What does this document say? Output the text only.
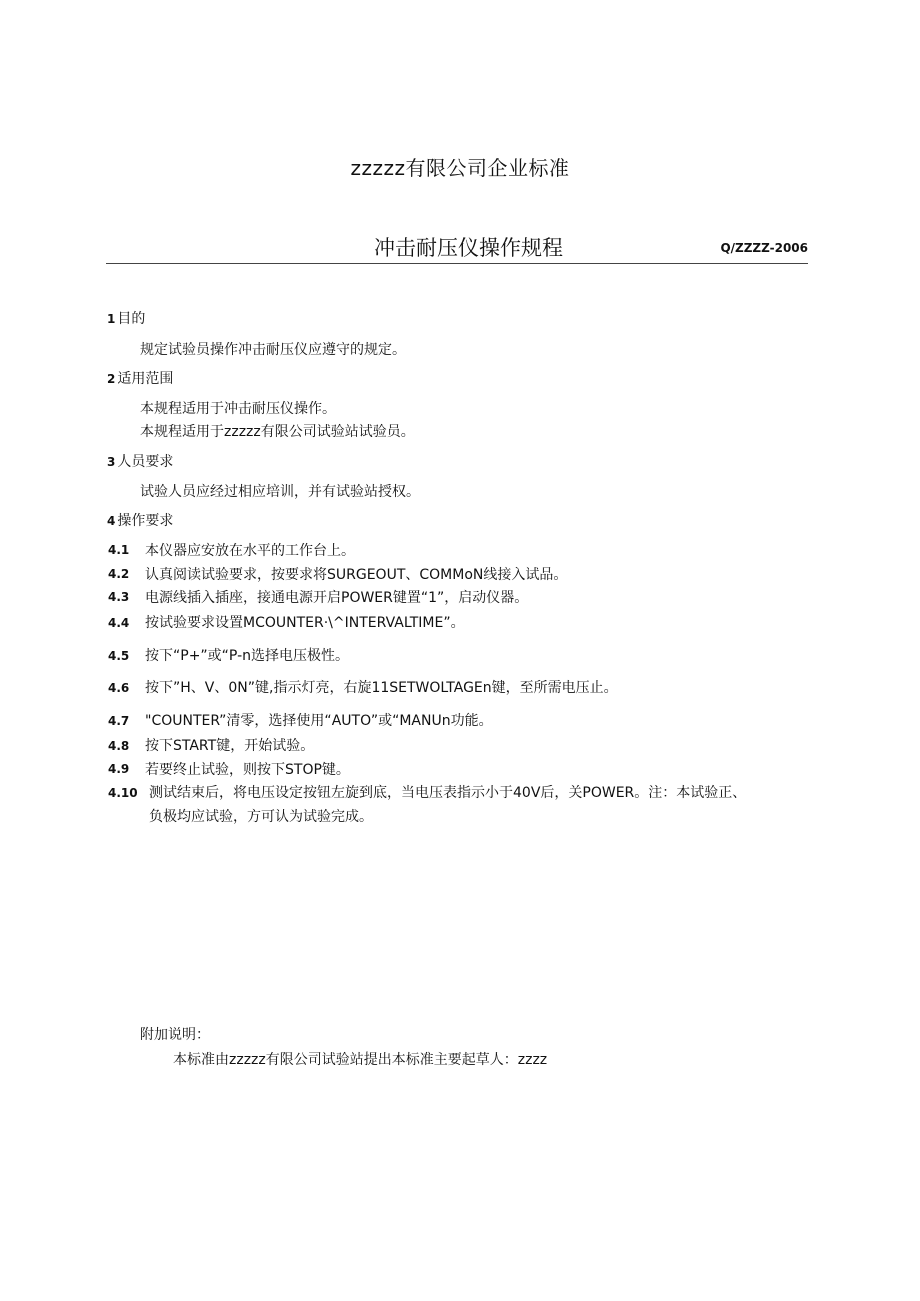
zzzzz有限公司企业标准
冲击耐压仪操作规程	Q/ZZZZ-2006
1 目的
规定试验员操作冲击耐压仪应遵守的规定。
2 适用范围
本规程适用于冲击耐压仪操作。
本规程适用于zzzzz有限公司试验站试验员。
3 人员要求
试验人员应经过相应培训，并有试验站授权。
4 操作要求
4.1 本仪器应安放在水平的工作台上。
4.2 认真阅读试验要求，按要求将SURGEOUT、COMMoN线接入试品。
4.3 电源线插入插座，接通电源开启POWER键置“1”，启动仪器。
4.4 按试验要求设置MCOUNTER·\^INTERVALTIME”。
4.5 按下“P+”或“P-n选择电压极性。
4.6 按下”H、V、0N”键,指示灯亮，右旋11SETWOLTAGEn键，至所需电压止。
4.7 "COUNTER”清零，选择使用“AUTO”或“MANUn功能。
4.8 按下START键，开始试验。
4.9 若要终止试验，则按下STOP键。
4.10 测试结束后，将电压设定按钮左旋到底，当电压表指示小于40V后，关POWER。注：本试验正、
负极均应试验，方可认为试验完成。
附加说明：
本标准由zzzzz有限公司试验站提出本标准主要起草人：zzzz
